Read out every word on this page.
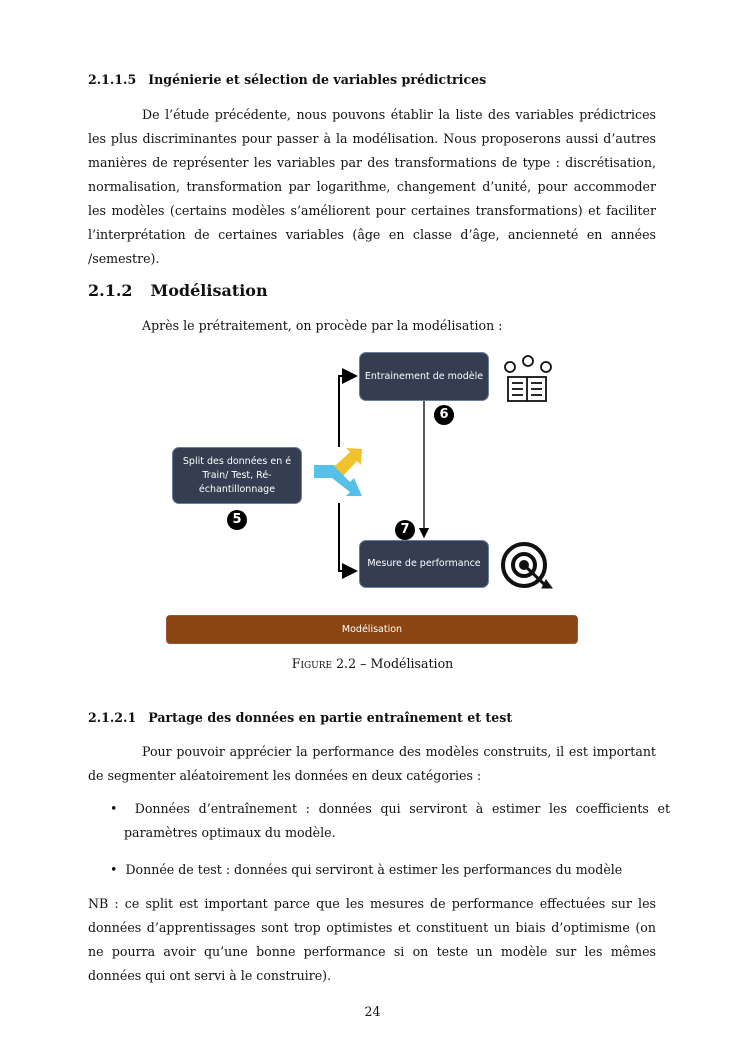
2.1.1.5 Ingénierie et sélection de variables prédictrices
De l’étude précédente, nous pouvons établir la liste des variables prédictrices les plus discriminantes pour passer à la modélisation. Nous proposerons aussi d’autres manières de représenter les variables par des transformations de type : discrétisation, normalisation, transformation par logarithme, changement d’unité, pour accommoder les modèles (certains modèles s’améliorent pour certaines transformations) et faciliter l’interprétation de certaines variables (âge en classe d’âge, ancienneté en années /semestre).
2.1.2 Modélisation
Après le prétraitement, on procède par la modélisation :
Split des données en é Train/ Test, Ré-échantillonnage
Entrainement de modèle
Mesure de performance
5
6
7
Modélisation
Figure 2.2 – Modélisation
2.1.2.1 Partage des données en partie entraînement et test
Pour pouvoir apprécier la performance des modèles construits, il est important de segmenter aléatoirement les données en deux catégories :
•  Données d’entraînement : données qui serviront à estimer les coefficients et paramètres optimaux du modèle.
•  Donnée de test : données qui serviront à estimer les performances du modèle
NB : ce split est important parce que les mesures de performance effectuées sur les données d’apprentissages sont trop optimistes et constituent un biais d’optimisme (on ne pourra avoir qu’une bonne performance si on teste un modèle sur les mêmes données qui ont servi à le construire).
24
